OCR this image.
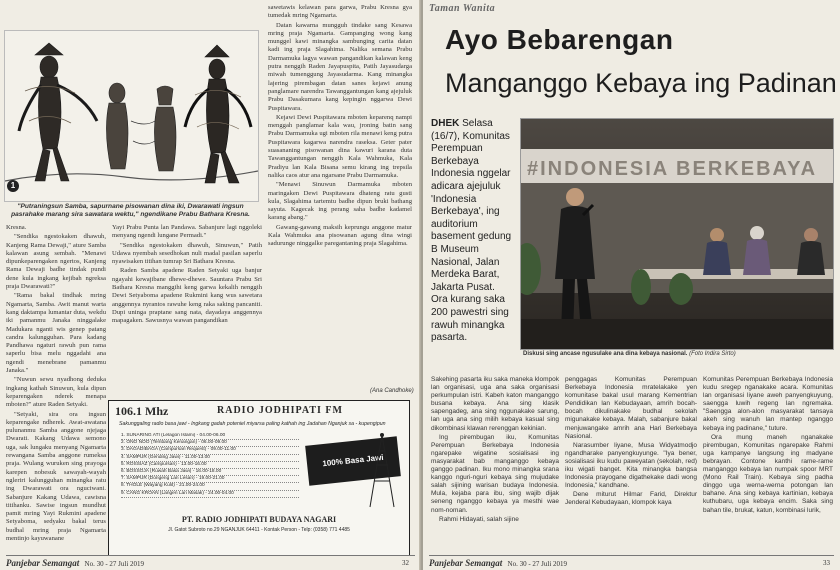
1
"Putraningsun Samba, sapurnane pisowanan dina iki, Dwarawati ingsun pasrahake marang sira sawatara wektu," ngendikane Prabu Bathara Kresna.

Kresna.

"Sendika ngestokaken dhawuh, Kanjeng Rama Dewaji," ature Samba kalawan asung sembah. "Menawi dipunkeparengaken ngertos, Kanjeng Rama Dewaji badhe tindak pundi dene kula ingkang kejibah ngreksa praja Dwarawati?"

"Rama bakal tindhak mring Ngamarta, Samba. Awit manut warta kang daktampa lumantar duta, wekdu iki pamanmu Janaka ninggalake Madukara nganti wis genep patang candra kalungguhan. Para kadang Pandhawa ngaturi rawuh pun rama saperlu bisa melu nggadahi ana ngendi menebrane pamanmu Janaka."

"Nuwun sewu nyadhong deduka ingkang kathah Sinuwun, kula dipun keparengaken nderek menapa mboten?" ature Raden Setyaki.

"Setyaki, sira ora ingsun keparengake ndherek. Awat-awatana pulunanmu Samba anggone njejaga Dwarati. Kakang Udawa semono uga, sak lungaku menyang Ngamarta rewangana Samba anggone rumeksa praja. Wulang wuruken sing prayoga karepen nobesuk sawayah-wayah ngleriri kalungguhan minangka ratu ing Dwarawati ora nguciwani. Sabanjure Kakang Udawa, cawisna titihanku. Sawise ingsun mundhut pamit mring Yayi Rukmini apadene Setyaboma, sedyaku bakal terus budhal mring praja Ngamarta mentinjo kayuwanane

Yayi Prabu Punta lan Pandawa. Sabanjure lagi nggoleki menyang ngendi lungane Permadi."

"Sendika ngestokaken dhawuh, Sinuwun," Patih Udawa nyembah sesedhokan nuli madal pasilan saperlu nyawisaken titihan tumrap Sri Bathara Kresna.

Raden Samba apadene Raden Setyaki uga banjur ngayahi kewajibane dhewe-dhewe. Sauntara Prabu Sri Bathara Kresna manggihi keng garwa kekalih nenggih Dewi Setyaboma apadene Rukmini kang wus sawetara anggennya nyrantos rawuhe keng raka saking pancaniti. Dupi uninga praptane sang nata, dayadaya anggennya mapagaken. Sawusnya wawan pangandikan

sawetawis kelawan para garwa, Prabu Kresna gya tumedak mring Ngamarta.

Datan kawarna mungguh tindake sang Kesawa mring praja Ngamarta. Gampanging wong kang munggel kawi minangka sambunging carita datan kadi ing praja Slagahima. Nalika semana Prabu Darmamuka lagya wawan pangandikan kalawan keng putra nenggih Raden Jayapuspita, Patih Jayasudarga miwah tumenggung Jayasudarma. Kang minangka lajering pirembagan datan sanes kejawi anung panglamare narendra Tawanggantungan kang ajejuluk Prabu Dasakumara kang kepingin nggarwa Dewi Puspitawara.

Kejawi Dewi Puspitawara mboten keparenq nampi menggah panglamar kala wau, jroning batin sang Prabu Darmamuka ugi mboten rila menawi keng putra Puspitawara kagarwa narendra raseksa. Geter pater suasananing pisowanan dina kawuri karana duta Tawanggantungan nenggih Kala Wahmuka, Kala Pradiyu lan Kala Bisana semu kirang ing trepsila nalika caos atur ana ngarsane Prabu Darmamuka.

"Menawi Sinuwun Darmamuka mboten maringaken Dewi Puspitawara dhateng ratu gusti kula, Slagahima tartemtu badhe dipun bruki bathang sayuta. Kagecak ing perang saha badhe kadamel karang abang."

Gawang-gawang maksih keprungu anggone matur Kala Wahmuka ana pisowanan agung dina wingi sadurunge ninggalke paregantaning praja Slagahima.

(Ana Candhoke)
106.1 Mhz	RADIO JODHIPATI FM
Sakunggaling radio basa jawi - Ingkang gadah poteniel miyarsa paling kathah ing Jadahan Nganjuk sa - kupengipun
1. SUNARING ATI (Lelagon Islami) - 04.00-06.00
2. ONO NOO (Tembang Kenangan) - 06.00-09.00
3. DAGADIBAGA (Campursari Request) - 09.00-11.00
4. SAMPUR (Gending Jawi) - 11.00-13.00
5. ROSSIAZ (Campursari) - 13.00-16.00
6. BOSSOJA (Ruwah Basa Jawi) - 16.00-18.00
7. SAMPUR (Dongeng Lan Lesan) - 19.00-21.00
8. THOLE (Wayang Kulit) - 21.00-24.00
9. CANG KROAN (Langen Lan Masak) - 24.00-04.00
100% Basa Jawi
PT. RADIO JODHIPATI BUDAYA NAGARI
Jl. Gatot Subroto no.29 NGANJUK 64411 - Kontak Person - Telp: (0358) 771 4485
Panjebar Semangat No. 30 - 27 Juli 2019	32
Taman Wanita
Ayo Bebarengan
Manganggo Kebaya ing Padinan
DHEK Selasa (16/7), Komunitas Perempuan Berkebaya Indonesia nggelar adicara ajejuluk 'Indonesia Berkebaya', ing auditorium basement gedung B Museum Nasional, Jalan Merdeka Barat, Jakarta Pusat. Ora kurang saka 200 pawestri sing rawuh minangka pasarta.
#INDONESIA BERKEBAYA
Diskusi sing ancase ngusulake ana dina kebaya nasional. (Foto Indira Sirto)

Sakehing pasarta iku saka maneka klompok lan organisasi, uga ana saka organisasi perkumpulan istri. Kabeh katon manganggo busana kebaya. Ana sing klasik sapengadeg, ana sing nggunakake sarung, lan uga ana sing milih kebaya kasual sing dikombinasi klawan rerenggan kekinian.

Ing pirembugan iku, Komunitas Perempuan Berkebaya Indonesia ngarepake wigatine sosialisasi ing masyarakat bab manganggo kebaya ganggo padinan. Iku mono minangka srana kanggo nguri-nguri kebaya sing mujudake salah sijining warisan budaya Indonesia. Mula, kejaba para ibu, sing wajib dijak seneng nganggo kebaya ya mesthi wae nom-noman.

Rahmi Hidayati, salah sijine

penggagas Komunitas Perempuan Berkebaya Indonesia mratelakake yen komunitase bakal usul marang Kementrian Pendidikan lan Kebudayaan, amrih bocah-bocah dikulinakake budhal sekolah migunakake kebaya. Malah, sabanjure bakal menjuwangake amrih ana Hari Berkebaya Nasional.

Narasumber liyane, Musa Widyatmodjo ngandharake panyengkuyunge. "Iya bener, sosialisasi iku kudu paweyatan (sekolah, red) iku wigati banget. Kita minangka bangsa Indonesia prayogane digathekake dadi wong Indonesia," kandhane.

Dene miturut Hilmar Farid, Direktur Jenderal Kebudayaan, klompok kaya

Komunitas Perempuan Berkebaya Indonesia kudu sregep nganakake acara. Komunitas lan organisasi liyane aweh panyengkuyung, saengga luwih regeng lan ngremaka. "Saengga alon-alon masyarakat tansaya akeh sing wanuh lan mantep nganggo kebaya ing padinane," tuture.

Ora mung maneh nganakake pirembugan, Komunitas ngarepake Rahmi uga kampanye langsung ing madyane bebrayan. Contone kanthi rame-rame manganggo kebaya lan numpak spoor MRT (Mono Rail Train). Kebaya sing padha dinggo uga werna-werna potongan lan bahane. Ana sing kebaya kartinian, kebaya kuthubaru, uga kebaya encim. Saka sing bahan tile, brukat, katun, kombinasi lurik,

Panjebar Semangat No. 30 - 27 Juli 2019	33
